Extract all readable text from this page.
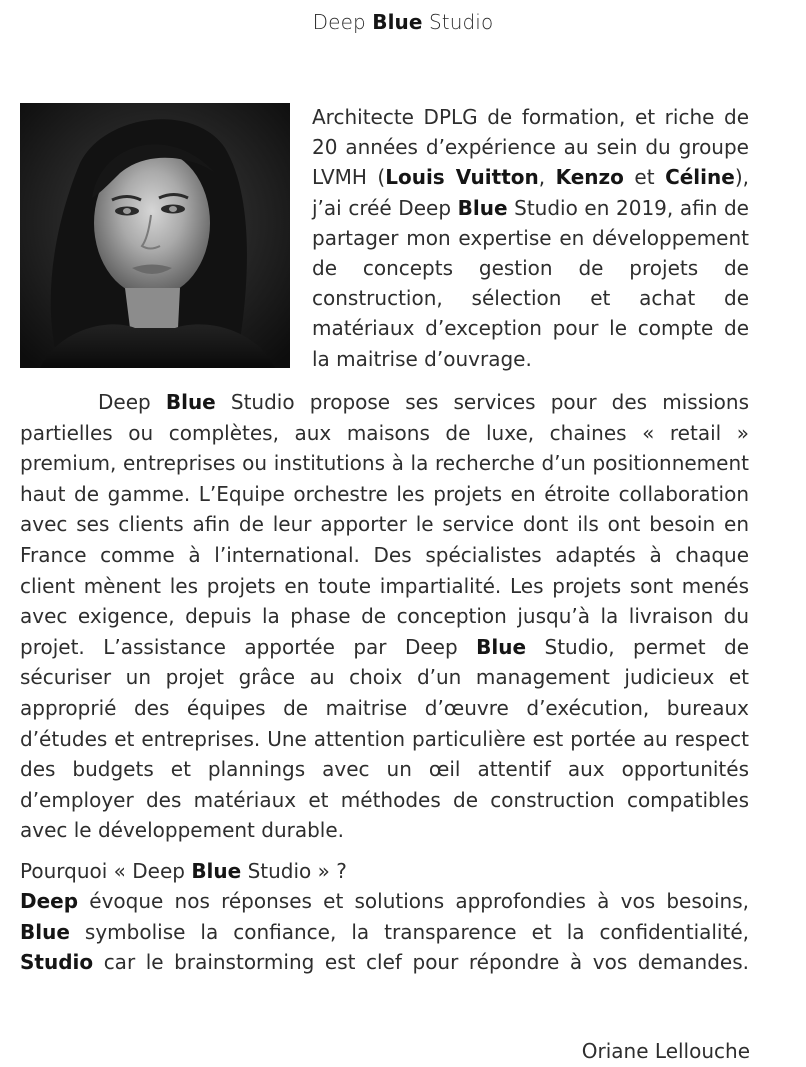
Deep Blue Studio

Architecte DPLG de formation, et riche de 20 années d’expérience au sein du groupe LVMH (Louis Vuitton, Kenzo et Céline), j’ai créé Deep Blue Studio en 2019, afin de partager mon expertise en développement de concepts gestion de projets de construction, sélection et achat de matériaux d’exception pour le compte de la maitrise d’ouvrage.

Deep Blue Studio propose ses services pour des missions partielles ou complètes, aux maisons de luxe, chaines « retail » premium, entreprises ou institutions à la recherche d’un positionnement haut de gamme. L’Equipe orchestre les projets en étroite collaboration avec ses clients afin de leur apporter le service dont ils ont besoin en France comme à l’international. Des spécialistes adaptés à chaque client mènent les projets en toute impartialité. Les projets sont menés avec exigence, depuis la phase de conception jusqu’à la livraison du projet. L’assistance apportée par Deep Blue Studio, permet de sécuriser un projet grâce au choix d’un management judicieux et approprié des équipes de maitrise d’œuvre d’exécution, bureaux d’études et entreprises. Une attention particulière est portée au respect des budgets et plannings avec un œil attentif aux opportunités d’employer des matériaux et méthodes de construction compatibles avec le développement durable.

Pourquoi « Deep Blue Studio » ?
Deep évoque nos réponses et solutions approfondies à vos besoins,
Blue symbolise la confiance, la transparence et la confidentialité,
Studio car le brainstorming est clef pour répondre à vos demandes.
Oriane Lellouche
